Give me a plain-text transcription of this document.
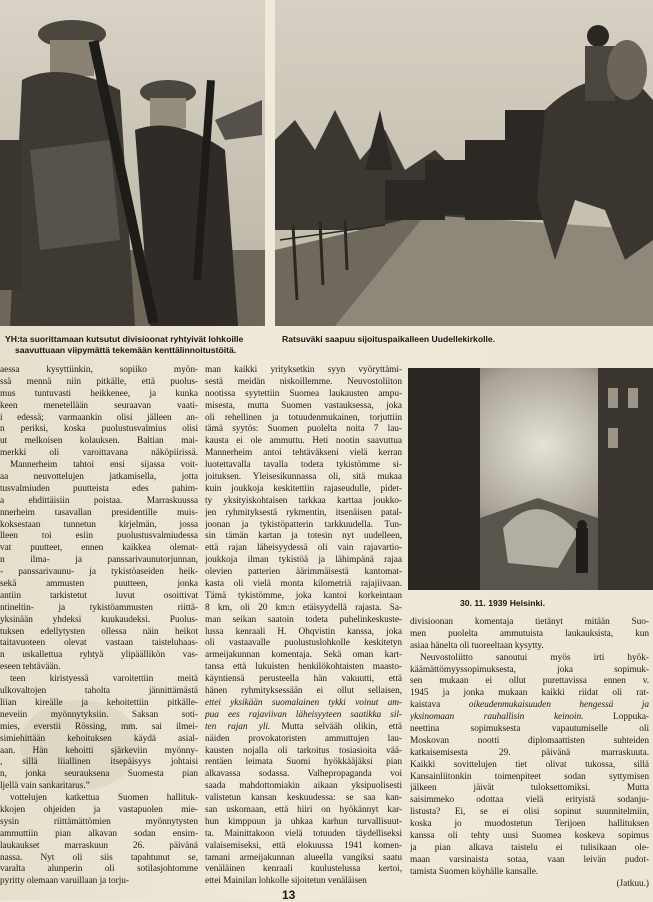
YH:ta suorittamaan kutsutut divisioonat ryhtyivät lohkoille
saavuttuaan viipymättä tekemään kenttälinnoitustöitä.
Ratsuväki saapuu sijoituspaikalleen Uudellekirkolle.
30. 11. 1939 Helsinki.
aessa kysyttiinkin, sopiiko myön-
ssä mennä niin pitkälle, että puolus-
mus tuntuvasti heikkenee, ja kunka
keen menetellään seuraavan vaati-
i edessä; varmaankin olisi jälleen an-
n periksi, koska puolustusvalmius olisi
ut melkoisen kolauksen. Baltian mai-
merkki oli varoittavana näköpiirissä.
Mannerheim tahtoi ensi sijassa voit-
aa neuvottelujen jatkamisella, jotta
tusvalmiuden puutteista edes pahim-
a ehdittäisiin poistaa. Marraskuussa
nnerheim tasavallan presidentille muis-
koksestaan tunnetun kirjelmän, jossa
lleen toi esiin puolustusvalmiudessa
vat puutteet, ennen kaikkea olemat-
n ilma- ja panssarivaunutorjunnan,
- panssarivaunu- ja tykistöaseiden heik-
sekä ammusten puutteen, jonka
antiin tarkistetut luvut osoittivat
ntineltin- ja tykistöammusten riittä-
yksinään yhdeksi kuukaudeksi. Puolus-
tuksen edellytysten ollessa näin heikot
taitavuoteen olevat vastaan taisteluhaas-
n uskallettua ryhtyä ylipäällikön vas-
eseen tehtävään.
teen kiristyessä varoitettiin meitä
ulkovaltojen taholta jännittämästä
liian kireälle ja kehoitettiin pitkälle-
neveiin myönnytyksiin. Saksan soti-
mies, everstii Rössing, mm. sai ilmei-
simiehittään kehoituksen käydä asial-
aan. Hän kehoitti sjärkeviin myönny-
, sillä liiallinen itsepäisyys johtaisi
n, jonka seurauksena Suomesta pian
ljellä vain sankaritarus.”
vottelujen katkettua Suomen hallituk-
kkojen ohjeiden ja vastapuolen mie-
sysin riittämättömien myönnytysten
ammuttiin pian alkavan sodan ensim-
laukaukset marraskuun 26. päivänä
nassa. Nyt oli siis tapahtunut se,
varalta alunperin oli sotilasjohtomme
pyritty olemaan varuillaan ja torju-
man kaikki yrityksetkin syyn vyöryttämi-
sestä meidän niskoillemme. Neuvostoliiton
nootissa syytettiin Suomea laukausten ampu-
misesta, mutta Suomen vastauksessa, joka
oli rehellinen ja totuudenmukainen, torjuttiin
tämä syytös: Suomen puolelta noita 7 lau-
kausta ei ole ammuttu. Heti nootin saavuttua
Mannerheim antoi tehtäväkseni vielä kerran
luotettavalla tavalla todeta tykistömme si-
joituksen. Yleisesikunnassa oli, sitä mukaa
kuin joukkoja keskitettiin rajaseudulle, pidet-
ty yksityiskohtaisen tarkkaa karttaa joukko-
jen ryhmityksestä rykmentin, itsenäisen patal-
joonan ja tykistöpatterin tarkkuudella. Tun-
sin tämän kartan ja totesin nyt uudelleen,
että rajan läheisyydessä oli vain rajavartio-
joukkoja ilman tykistöä ja lähimpänä rajaa
olevien patterien äärimmäisestä kantomat-
kasta oli vielä monta kilometriä rajajiivaan.
Tämä tykistömme, joka kantoi korkeintaan
8 km, oli 20 km:n etäisyydellä rajasta. Sa-
man seikan saatoin todeta puhelinkeskuste-
lussa kenraali H. Öhqvistin kanssa, joka
oli vastaavalle puolustuslohkolle keskitetyn
armeijakunnan komentaja. Sekä oman kart-
tansa että lukuisten henkilökohtaisten maasto-
käyntiensä perusteella hän vakuutti, että
hänen ryhmityksessään ei ollut sellaisen,
ettei yksikään suomalainen tykki voinut am-
pua ees rajaviivan läheisyyteen saatikka sil-
ten rajan yli. Mutta selvääh olikin, että
näiden provokatoristen ammuttujen lau-
kausten nojalla oli tarkoitus tosiasioita vää-
rentäen leimata Suomi hyökkääjäksi pian
alkavassa sodassa. Valhepropaganda voi
saada mahdottomiakin aikaan yksipuolisesti
valistetun kansan keskuudessa: se saa kan-
san uskomaan, että hiiri on hyökännyt kar-
hun kimppuun ja uhkaa karhun turvallisuut-
ta. Mainittakoon vielä totuuden täydelliseksi
valaisemiseksi, että elokuussa 1941 komen-
tamani armeijakunnan alueella vangiksi saatu
venäläinen kenraali kuulustelussa kertoi,
ettei Mainilan lohkolle sijoitetun venäläisen
divisioonan komentaja tietänyt mitään Suo-
men puolelta ammutuista laukauksista, kun
asiaa hänelta oli tuoreeltaan kysytty.
Neuvostoliitto sanoutui myös irti hyök-
käämättömyyssopimuksesta, joka sopimuk-
sen mukaan ei ollut purettavissa ennen v.
1945 ja jonka mukaan kaikki riidat oli rat-
kaistava oikeudenmukaisuuden hengessä ja
yksinomaan rauhallisin keinoin. Loppuka-
neettina sopimuksesta vapautumiselle oli
Moskovan nootti diplomaattisten suhteiden
katkaisemisesta 29. päivänä marraskuuta.
Kaikki sovittelujen tiet olivat tukossa, sillä
Kansainliitonkin toimenpiteet sodan syttymisen
jälkeen jäivät tuloksettomiksi. Mutta
saisimmeko odottaa vielä erityistä sodanju-
listusta? Ei, se ei olisi sopinut suunnitelmiin,
koska jo muodostetun Terijoen hallituksen
kanssa oli tehty uusi Suomea koskeva sopimus
ja pian alkava taistelu ei tulisikaan ole-
maan varsinaista sotaa, vaan leivän pudot-
tamista Suomen köyhälle kansalle.
(Jatkuu.)
13
